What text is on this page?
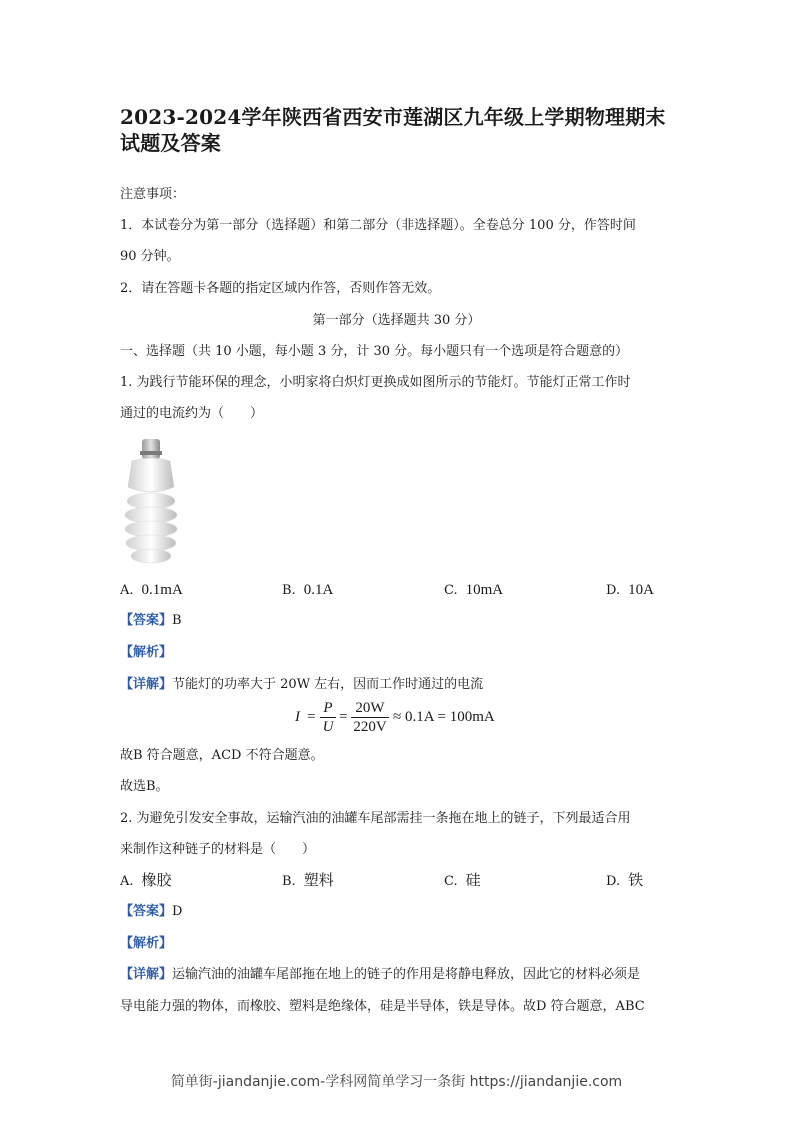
2023-2024学年陕西省西安市莲湖区九年级上学期物理期末试题及答案
注意事项：
1．本试卷分为第一部分（选择题）和第二部分（非选择题）。全卷总分 100 分，作答时间
90 分钟。
2．请在答题卡各题的指定区域内作答，否则作答无效。
第一部分（选择题共 30 分）
一、选择题（共 10 小题，每小题 3 分，计 30 分。每小题只有一个选项是符合题意的）
1. 为践行节能环保的理念，小明家将白炽灯更换成如图所示的节能灯。节能灯正常工作时
通过的电流约为（　　）
A. 0.1mA	B. 0.1A	C. 10mA	D. 10A
【答案】B
【解析】
【详解】节能灯的功率大于 20W 左右，因而工作时通过的电流
$I = \frac{P}{U} = \frac{20W}{220V} \approx 0.1A = 100mA$
故B 符合题意，ACD 不符合题意。
故选B。
2. 为避免引发安全事故，运输汽油的油罐车尾部需挂一条拖在地上的链子，下列最适合用
来制作这种链子的材料是（　　）
A. 橡胶	B. 塑料	C. 硅	D. 铁
【答案】D
【解析】
【详解】运输汽油的油罐车尾部拖在地上的链子的作用是将静电释放，因此它的材料必须是
导电能力强的物体，而橡胶、塑料是绝缘体，硅是半导体，铁是导体。故D 符合题意，ABC
简单街-jiandanjie.com-学科网简单学习一条街 https://jiandanjie.com
